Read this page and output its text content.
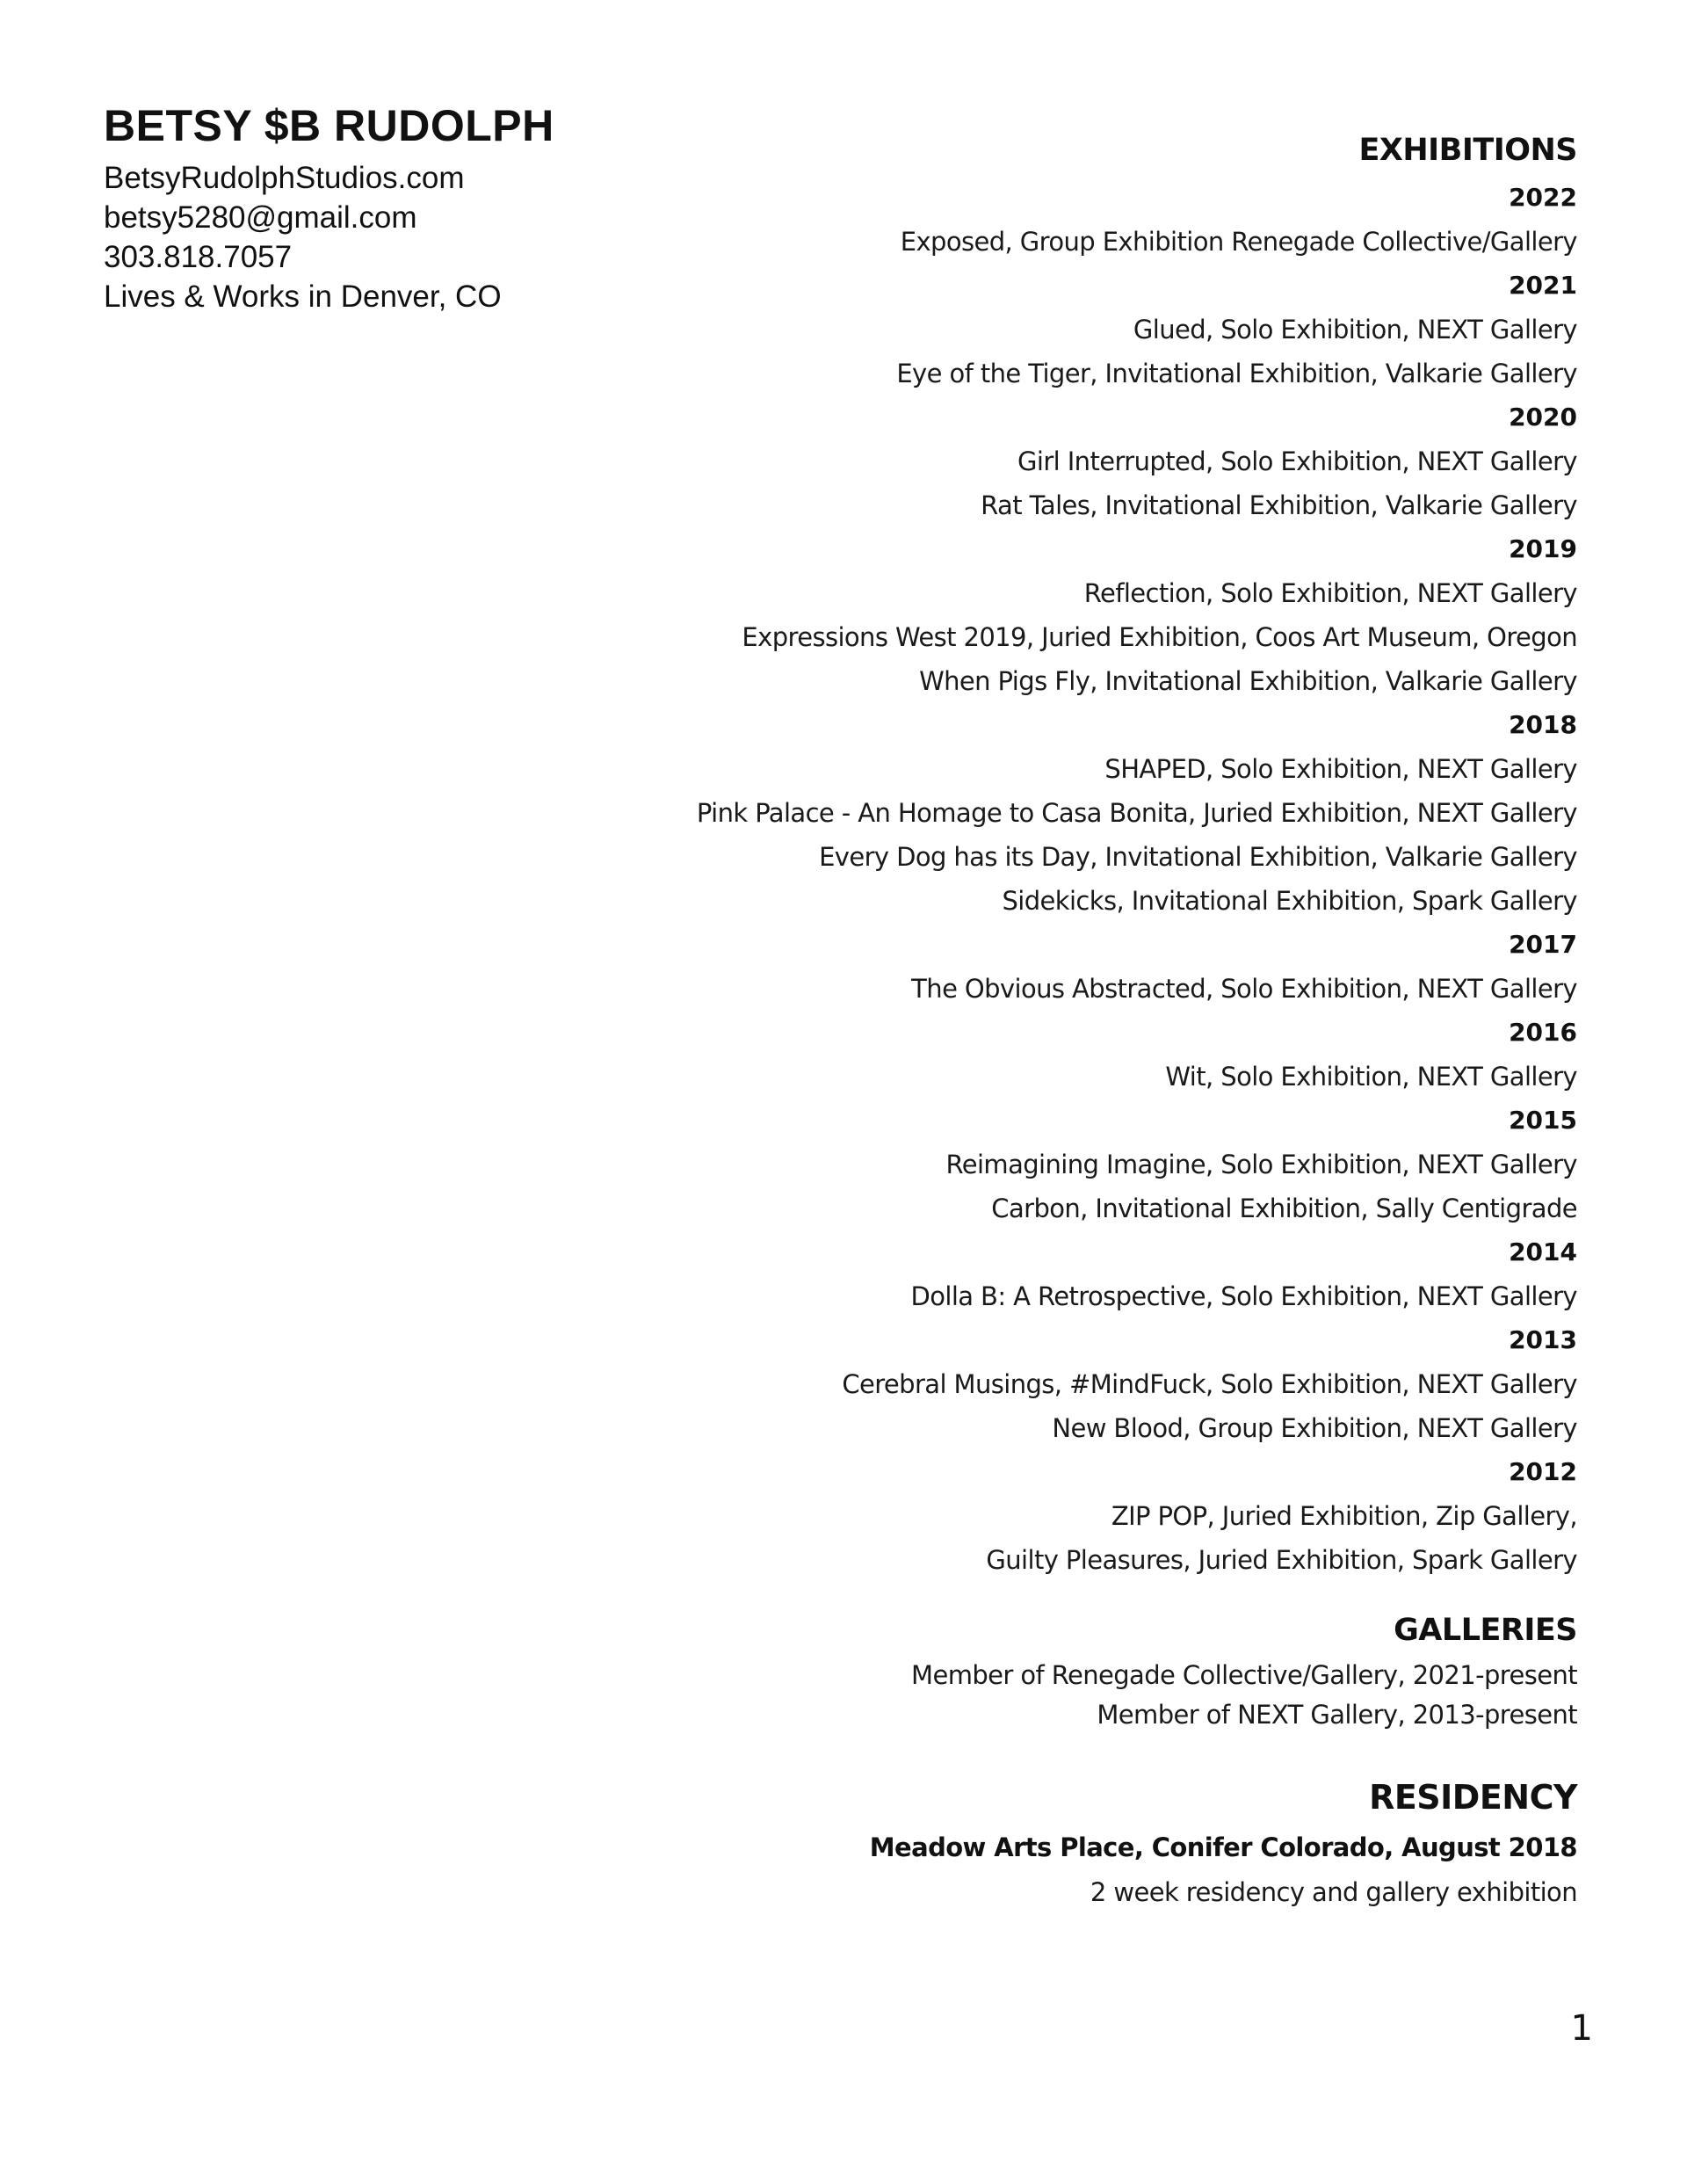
BETSY $B RUDOLPH
BetsyRudolphStudios.com
betsy5280@gmail.com
303.818.7057
Lives & Works in Denver, CO
EXHIBITIONS
2022
Exposed, Group Exhibition Renegade Collective/Gallery
2021
Glued, Solo Exhibition, NEXT Gallery
Eye of the Tiger, Invitational Exhibition, Valkarie Gallery
2020
Girl Interrupted, Solo Exhibition, NEXT Gallery
Rat Tales, Invitational Exhibition, Valkarie Gallery
2019
Reflection, Solo Exhibition, NEXT Gallery
Expressions West 2019, Juried Exhibition, Coos Art Museum, Oregon
When Pigs Fly, Invitational Exhibition, Valkarie Gallery
2018
SHAPED, Solo Exhibition, NEXT Gallery
Pink Palace - An Homage to Casa Bonita, Juried Exhibition, NEXT Gallery
Every Dog has its Day, Invitational Exhibition, Valkarie Gallery
Sidekicks, Invitational Exhibition, Spark Gallery
2017
The Obvious Abstracted, Solo Exhibition, NEXT Gallery
2016
Wit, Solo Exhibition, NEXT Gallery
2015
Reimagining Imagine, Solo Exhibition, NEXT Gallery
Carbon, Invitational Exhibition, Sally Centigrade
2014
Dolla B: A Retrospective, Solo Exhibition, NEXT Gallery
2013
Cerebral Musings, #MindFuck, Solo Exhibition, NEXT Gallery
New Blood, Group Exhibition, NEXT Gallery
2012
ZIP POP, Juried Exhibition, Zip Gallery,
Guilty Pleasures, Juried Exhibition, Spark Gallery
GALLERIES
Member of Renegade Collective/Gallery, 2021-present
Member of NEXT Gallery, 2013-present
RESIDENCY
Meadow Arts Place, Conifer Colorado, August 2018
2 week residency and gallery exhibition
1
